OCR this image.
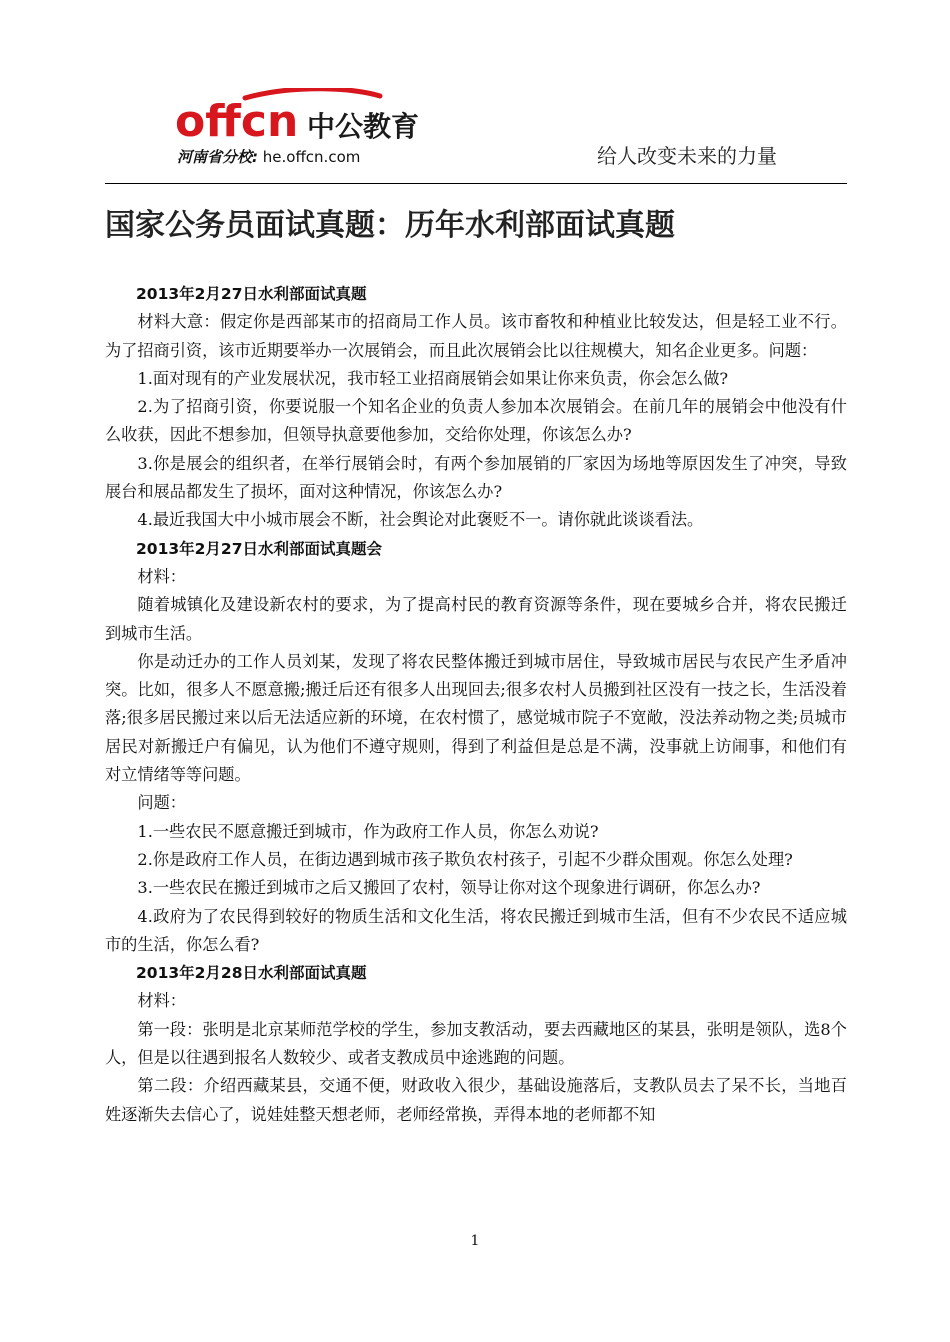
offcn 中公教育
河南省分校: he.offcn.com	给人改变未来的力量
国家公务员面试真题：历年水利部面试真题

2013年2月27日水利部面试真题

材料大意：假定你是西部某市的招商局工作人员。该市畜牧和种植业比较发达，但是轻工业不行。为了招商引资，该市近期要举办一次展销会，而且此次展销会比以往规模大，知名企业更多。问题：

1.面对现有的产业发展状况，我市轻工业招商展销会如果让你来负责，你会怎么做?

2.为了招商引资，你要说服一个知名企业的负责人参加本次展销会。在前几年的展销会中他没有什么收获，因此不想参加，但领导执意要他参加，交给你处理，你该怎么办?

3.你是展会的组织者，在举行展销会时，有两个参加展销的厂家因为场地等原因发生了冲突，导致展台和展品都发生了损坏，面对这种情况，你该怎么办?

4.最近我国大中小城市展会不断，社会舆论对此褒贬不一。请你就此谈谈看法。

2013年2月27日水利部面试真题会

材料：

随着城镇化及建设新农村的要求，为了提高村民的教育资源等条件，现在要城乡合并，将农民搬迁到城市生活。

你是动迁办的工作人员刘某，发现了将农民整体搬迁到城市居住，导致城市居民与农民产生矛盾冲突。比如，很多人不愿意搬;搬迁后还有很多人出现回去;很多农村人员搬到社区没有一技之长，生活没着落;很多居民搬过来以后无法适应新的环境，在农村惯了，感觉城市院子不宽敞，没法养动物之类;员城市居民对新搬迁户有偏见，认为他们不遵守规则，得到了利益但是总是不满，没事就上访闹事，和他们有对立情绪等等问题。

问题：

1.一些农民不愿意搬迁到城市，作为政府工作人员，你怎么劝说?

2.你是政府工作人员，在街边遇到城市孩子欺负农村孩子，引起不少群众围观。你怎么处理?

3.一些农民在搬迁到城市之后又搬回了农村，领导让你对这个现象进行调研，你怎么办?

4.政府为了农民得到较好的物质生活和文化生活，将农民搬迁到城市生活，但有不少农民不适应城市的生活，你怎么看?

2013年2月28日水利部面试真题

材料：

第一段：张明是北京某师范学校的学生，参加支教活动，要去西藏地区的某县，张明是领队，选8个人，但是以往遇到报名人数较少、或者支教成员中途逃跑的问题。

第二段：介绍西藏某县，交通不便，财政收入很少，基础设施落后，支教队员去了呆不长，当地百姓逐渐失去信心了，说娃娃整天想老师，老师经常换，弄得本地的老师都不知

1
